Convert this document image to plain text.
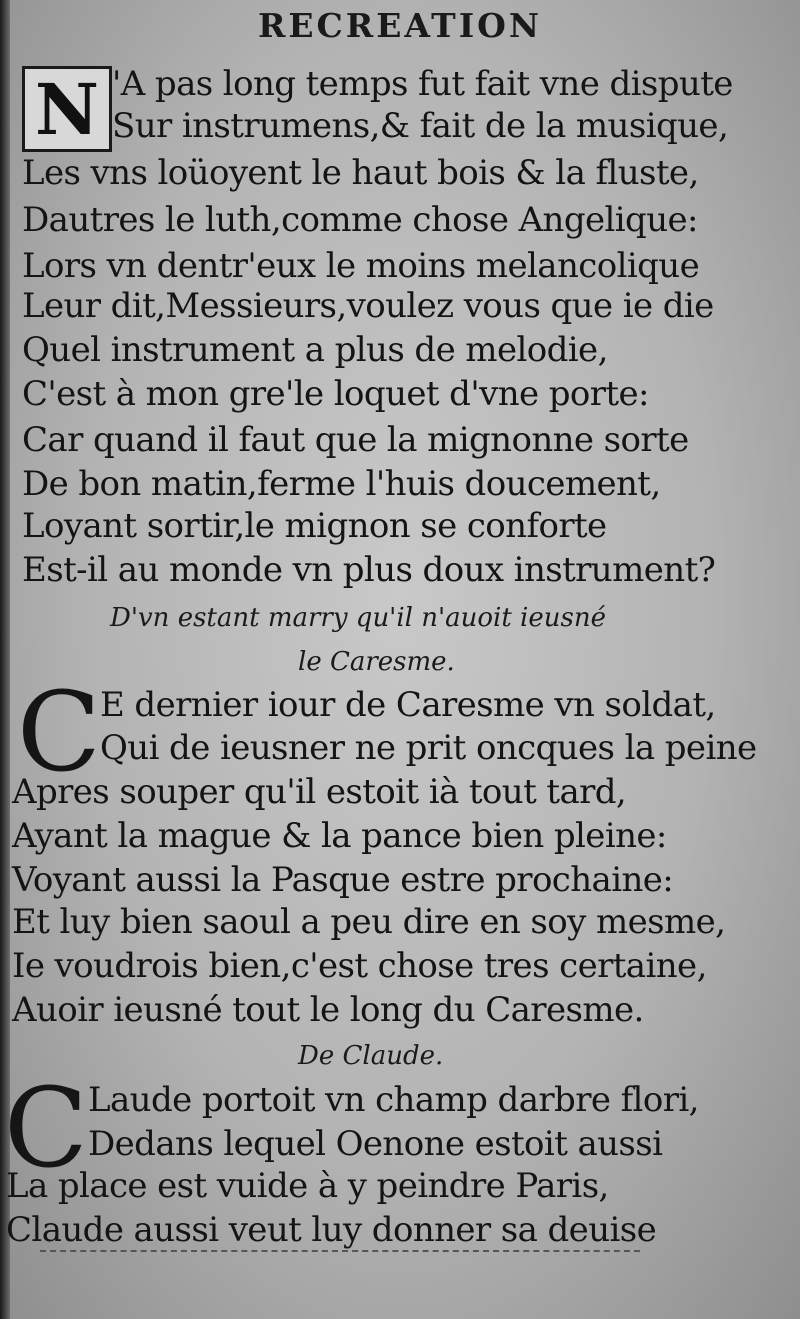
RECREATION
N 'A pas long temps fut fait vne dispute
Sur instrumens,& fait de la musique,
Les vns loüoyent le haut bois & la fluste,
Dautres le luth,comme chose Angelique:
Lors vn dentr'eux le moins melancolique
Leur dit,Messieurs,voulez vous que ie die
Quel instrument a plus de melodie,
C'est à mon gre'le loquet d'vne porte:
Car quand il faut que la mignonne sorte
De bon matin,ferme l'huis doucement,
Loyant sortir,le mignon se conforte
Est-il au monde vn plus doux instrument?
D'vn estant marry qu'il n'auoit ieusné
le Caresme.
C
E dernier iour de Caresme vn soldat,
Qui de ieusner ne prit oncques la peine
Apres souper qu'il estoit ià tout tard,
Ayant la mague & la pance bien pleine:
Voyant aussi la Pasque estre prochaine:
Et luy bien saoul a peu dire en soy mesme,
Ie voudrois bien,c'est chose tres certaine,
Auoir ieusné tout le long du Caresme.
De Claude.
C Laude portoit vn champ darbre flori,
Dedans lequel Oenone estoit aussi
La place est vuide à y peindre Paris,
Claude aussi veut luy donner sa deuise
